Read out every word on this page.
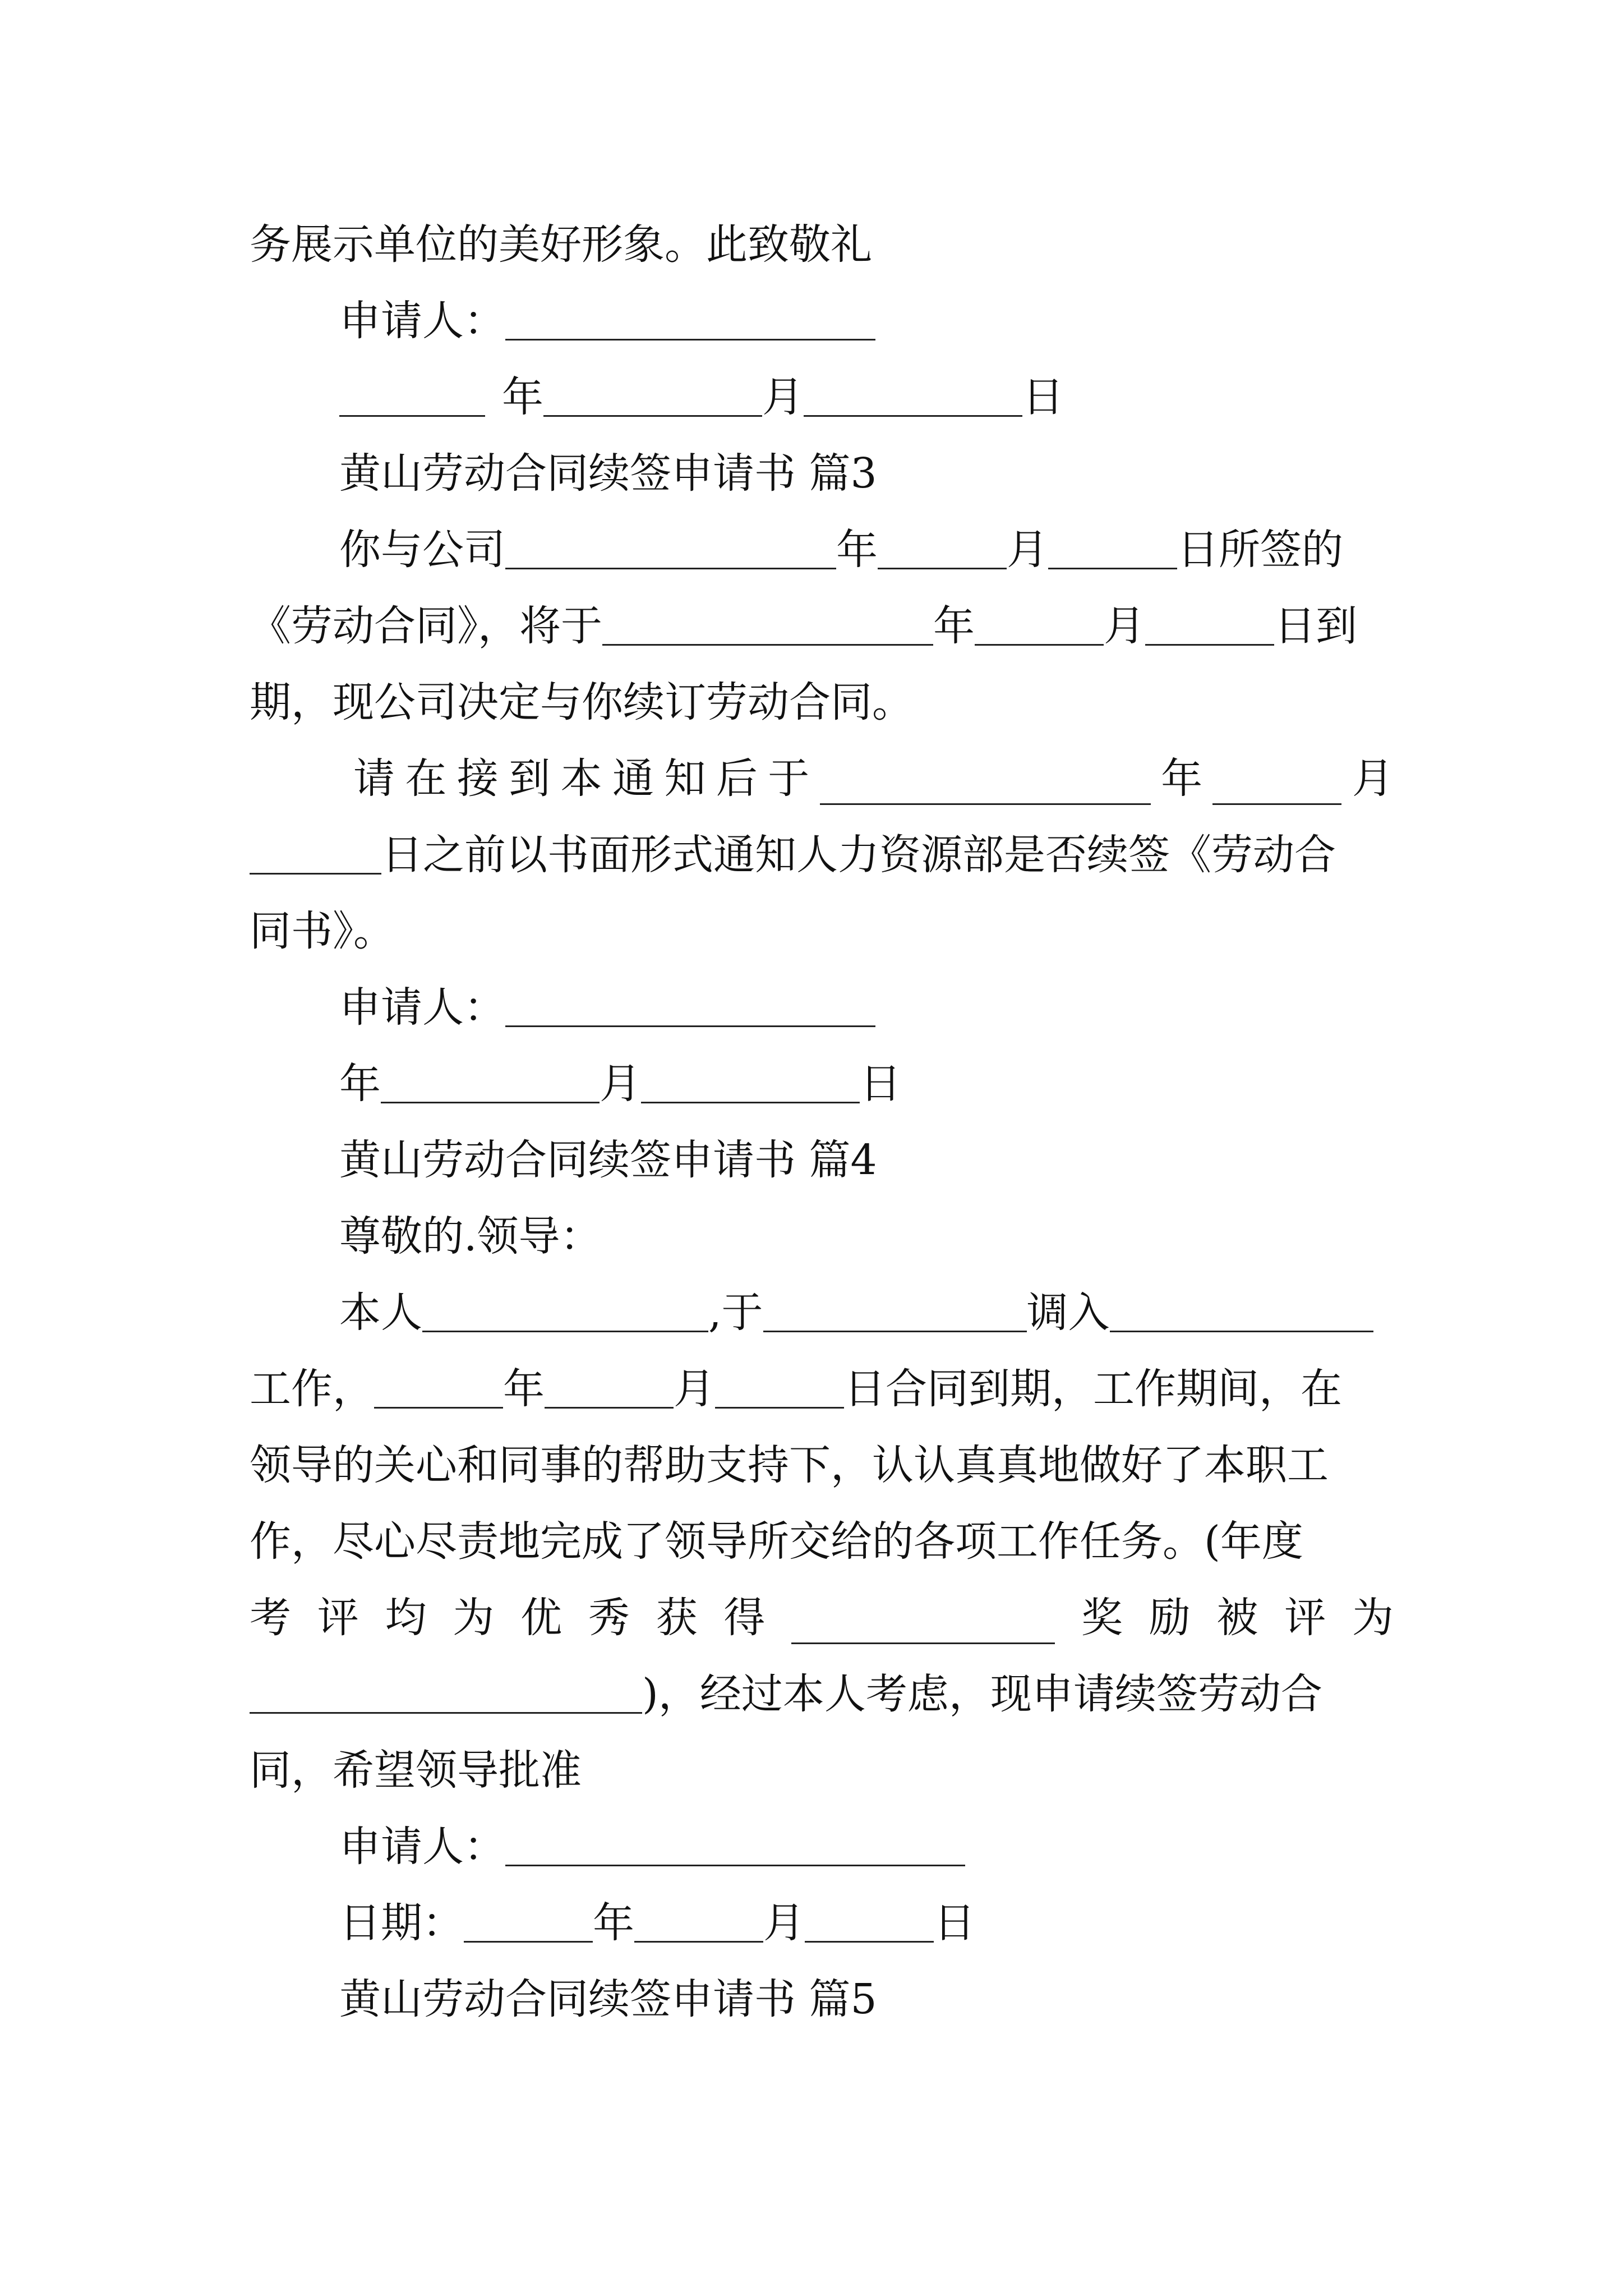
务展示单位的美好形象。此致敬礼
申请人：
年	月	日
黄山劳动合同续签申请书 篇3
你与公司	年	月	日所签的
《劳动合同》，将于	年	月	日到
期，现公司决定与你续订劳动合同。
请 在 接 到 本 通 知 后 于	年	月
日之前以书面形式通知人力资源部是否续签《劳动合
同书》。
申请人：
年	月	日
黄山劳动合同续签申请书 篇4
尊敬的.领导：
本人	,于	调入
工作，	年	月	日合同到期，工作期间，在
领导的关心和同事的帮助支持下，认认真真地做好了本职工
作，尽心尽责地完成了领导所交给的各项工作任务。(年度
考 评 均 为 优 秀 获 得	奖 励 被 评 为
)，经过本人考虑，现申请续签劳动合
同，希望领导批准
申请人：
日期：	年	月	日
黄山劳动合同续签申请书 篇5
